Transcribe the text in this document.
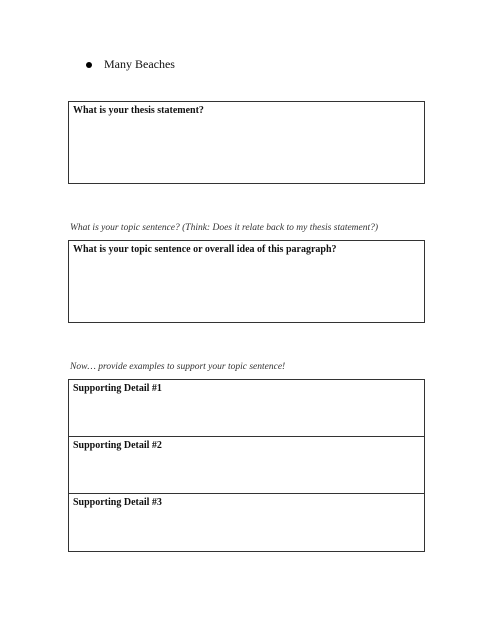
Many Beaches
What is your thesis statement?
What is your topic sentence? (Think: Does it relate back to my thesis statement?)
What is your topic sentence or overall idea of this paragraph?
Now… provide examples to support your topic sentence!
Supporting Detail #1
Supporting Detail #2
Supporting Detail #3
